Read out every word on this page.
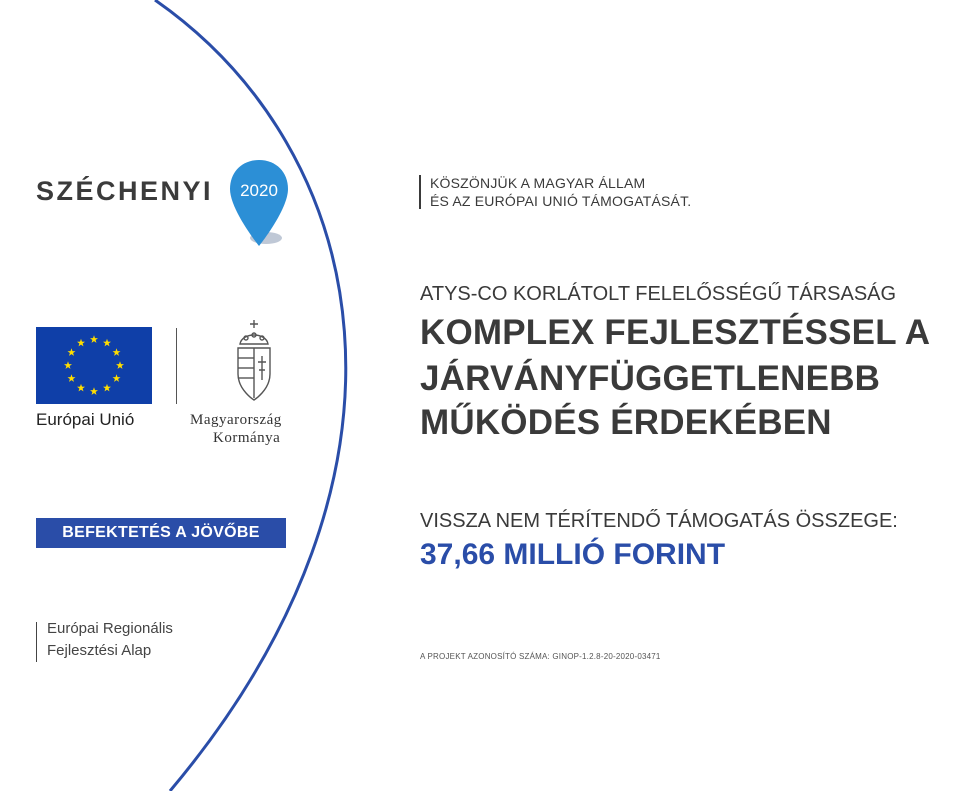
SZÉCHENYI 2020
Európai Unió	Magyarország
Kormánya
BEFEKTETÉS A JÖVŐBE
Európai Regionális
Fejlesztési Alap
KÖSZÖNJÜK A MAGYAR ÁLLAM
ÉS AZ EURÓPAI UNIÓ TÁMOGATÁSÁT.
ATYS-CO KORLÁTOLT FELELŐSSÉGŰ TÁRSASÁG
KOMPLEX FEJLESZTÉSSEL A
JÁRVÁNYFÜGGETLENEBB
MŰKÖDÉS ÉRDEKÉBEN
VISSZA NEM TÉRÍTENDŐ TÁMOGATÁS ÖSSZEGE:
37,66 MILLIÓ FORINT
A PROJEKT AZONOSÍTÓ SZÁMA: GINOP-1.2.8-20-2020-03471
